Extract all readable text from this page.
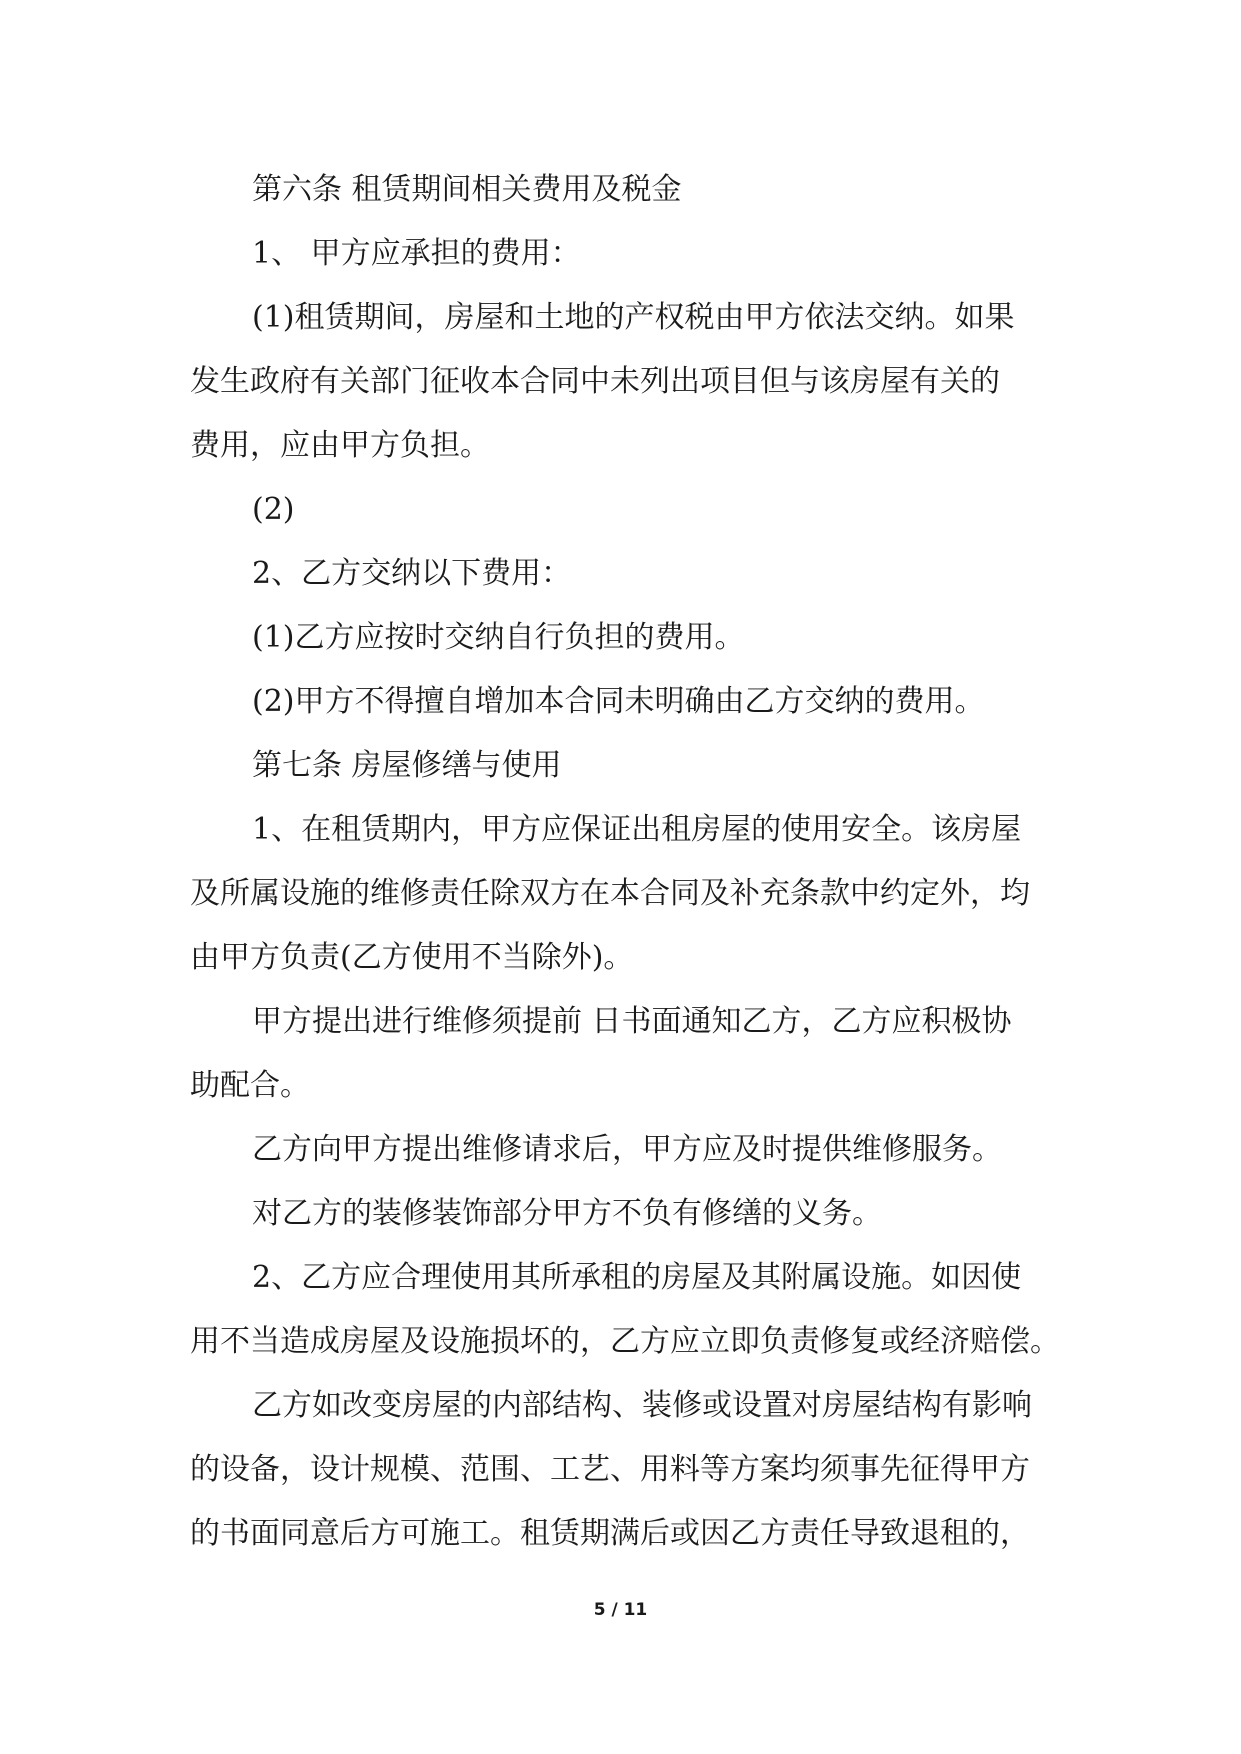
第六条 租赁期间相关费用及税金

1、 甲方应承担的费用：

(1)租赁期间，房屋和土地的产权税由甲方依法交纳。如果
发生政府有关部门征收本合同中未列出项目但与该房屋有关的
费用，应由甲方负担。

(2)

2、乙方交纳以下费用：

(1)乙方应按时交纳自行负担的费用。

(2)甲方不得擅自增加本合同未明确由乙方交纳的费用。

第七条 房屋修缮与使用

1、在租赁期内，甲方应保证出租房屋的使用安全。该房屋
及所属设施的维修责任除双方在本合同及补充条款中约定外，均
由甲方负责(乙方使用不当除外)。

甲方提出进行维修须提前 日书面通知乙方，乙方应积极协
助配合。

乙方向甲方提出维修请求后，甲方应及时提供维修服务。

对乙方的装修装饰部分甲方不负有修缮的义务。

2、乙方应合理使用其所承租的房屋及其附属设施。如因使
用不当造成房屋及设施损坏的，乙方应立即负责修复或经济赔偿。

乙方如改变房屋的内部结构、装修或设置对房屋结构有影响
的设备，设计规模、范围、工艺、用料等方案均须事先征得甲方
的书面同意后方可施工。租赁期满后或因乙方责任导致退租的，

5 / 11
